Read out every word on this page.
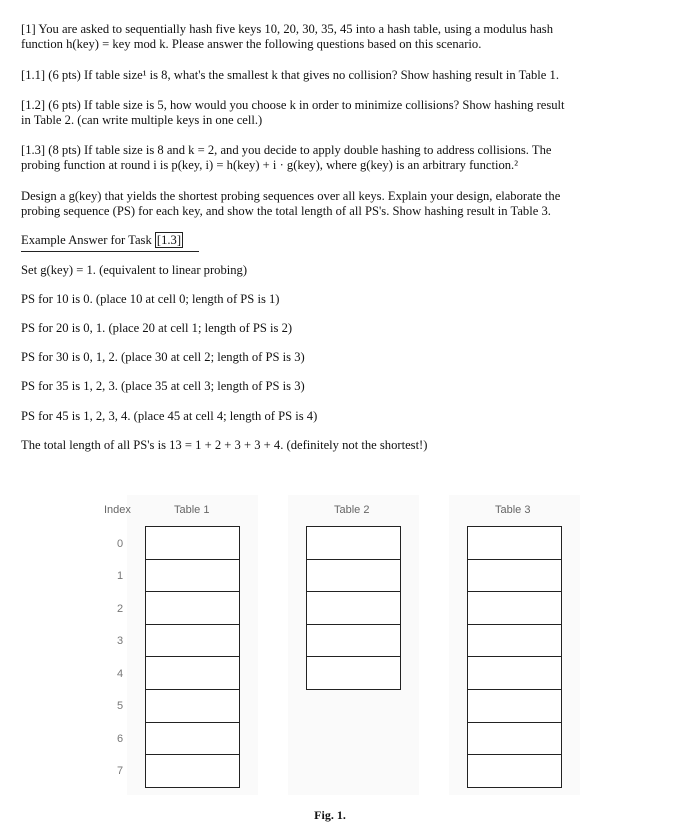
[1] You are asked to sequentially hash five keys 10, 20, 30, 35, 45 into a hash table, using a modulus hash
function h(key) = key mod k. Please answer the following questions based on this scenario.

[1.1] (6 pts) If table size¹ is 8, what's the smallest k that gives no collision? Show hashing result in Table 1.

[1.2] (6 pts) If table size is 5, how would you choose k in order to minimize collisions? Show hashing result
in Table 2. (can write multiple keys in one cell.)

[1.3] (8 pts) If table size is 8 and k = 2, and you decide to apply double hashing to address collisions. The
probing function at round i is p(key, i) = h(key) + i · g(key), where g(key) is an arbitrary function.²

Design a g(key) that yields the shortest probing sequences over all keys. Explain your design, elaborate the
probing sequence (PS) for each key, and show the total length of all PS's. Show hashing result in Table 3.

Example Answer for Task [1.3]

Set g(key) = 1. (equivalent to linear probing)

PS for 10 is 0. (place 10 at cell 0; length of PS is 1)

PS for 20 is 0, 1. (place 20 at cell 1; length of PS is 2)

PS for 30 is 0, 1, 2. (place 30 at cell 2; length of PS is 3)

PS for 35 is 1, 2, 3. (place 35 at cell 3; length of PS is 3)

PS for 45 is 1, 2, 3, 4. (place 45 at cell 4; length of PS is 4)

The total length of all PS's is 13 = 1 + 2 + 3 + 3 + 4. (definitely not the shortest!)

Index	Table 1	Table 2	Table 3
0
1
2
3
4
5
6
7
Fig. 1.
